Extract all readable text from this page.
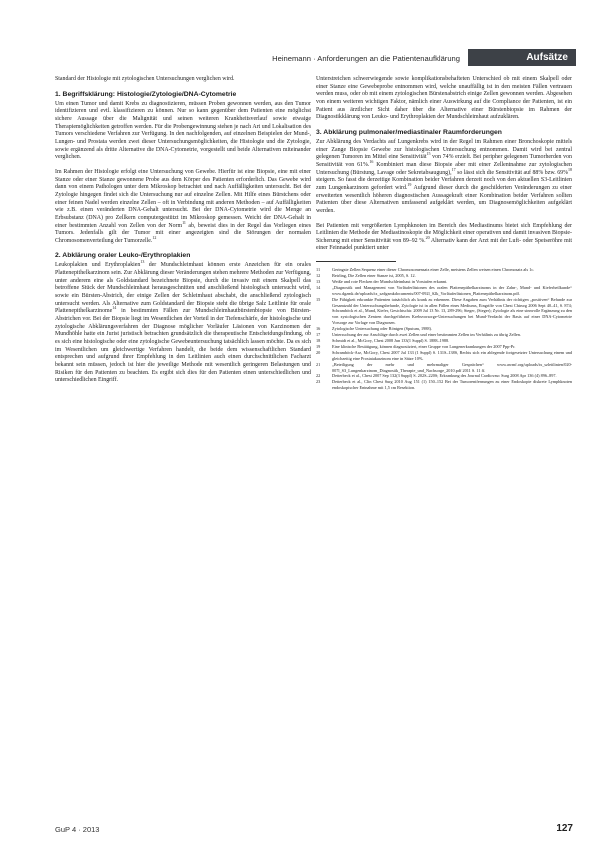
Heinemann · Anforderungen an die Patientenaufklärung	Aufsätze

Standard der Histologie mit zytologischen Untersuchungen verglichen wird.

1. Begriffsklärung: Histologie/Zytologie/DNA-Cytometrie

Um einen Tumor und damit Krebs zu diagnostizieren, müssen Proben gewonnen werden, aus den Tumor identifizieren und evtl. klassifizieren zu können. Nur so kann gegenüber dem Patienten eine möglichst sichere Aussage über die Malignität und seinen weiteren Krankheitsverlauf sowie etwaige Therapiemöglichkeiten getroffen werden. Für die Probengewinnung stehen je nach Art und Lokalisation des Tumors verschiedene Verfahren zur Verfügung. In den nachfolgenden, auf einzelnen Beispielen der Mund-, Lungen- und Prostata werden zwei dieser Untersuchungsmöglichkeiten, die Histologie und die Zytologie, sowie ergänzend als dritte Alternative die DNA-Cytometrie, vorgestellt und beide Alternativen miteinander verglichen.

Im Rahmen der Histologie erfolgt eine Untersuchung von Gewebe. Hierfür ist eine Biopsie, eine mit einer Stanze oder einer Stanze gewonnene Probe aus dem Körper des Patienten erforderlich. Das Gewebe wird dann von einem Pathologen unter dem Mikroskop betrachtet und nach Auffälligkeiten untersucht. Bei der Zytologie hingegen findet sich die Untersuchung nur auf einzelne Zellen. Mit Hilfe eines Bürstchens oder einer feinen Nadel werden einzelne Zellen – oft in Verbindung mit anderen Methoden – auf Auffälligkeiten wie z.B. einen veränderten DNA-Gehalt untersucht. Bei der DNA-Cytometrie wird die Menge an Erbsubstanz (DNA) pro Zellkern computergestützt im Mikroskop gemessen. Weicht der DNA-Gehalt in einer bestimmten Anzahl von Zellen von der Norm$^{11}$ ab, beweist dies in der Regel das Vorliegen eines Tumors. Jedenfalls gilt der Tumor mit einer angezeigten sind die Störungen der normalen Chromosomenverteilung der Tumorzelle.$^{12}$

2. Abklärung oraler Leuko-/Erythroplakien

Leukoplakien und Erythroplakien$^{13}$ der Mundschleimhaut können erste Anzeichen für ein orales Plattenepithelkarzinom sein. Zur Abklärung dieser Veränderungen stehen mehrere Methoden zur Verfügung, unter anderem eine als Goldstandard bezeichnete Biopsie, durch die invasiv mit einem Skalpell das betroffene Stück der Mundschleimhaut herausgeschnitten und anschließend histologisch untersucht wird, sowie ein Bürsten-Abstrich, der einige Zellen der Schleimhaut abschabt, die anschließend zytologisch untersucht werden. Als Alternative zum Goldstandard der Biopsie steht die übrige Salz Leitlinie für orale Plattenepithelkarzinome$^{14}$ in bestimmten Fällen zur Mundschleimhautbürstenbiopsie von Bürsten-Abstrichen vor. Bei der Biopsie liegt im Wesentlichen der Vorteil in der Tiefenschärfe, der histologische und zytologische Abklärungsverfahren der Diagnose möglicher Vorläufer Läsionen von Karzinomen der Mundhöhle hatte ein Jurist juristisch betrachten grundsätzlich die therapeutische Entscheidungsfindung, ob es sich eine histologische oder eine zytologische Gewebeuntersuchung tatsächlich lassen möchte. Da es sich im Wesentlichen um gleichwertige Verfahren handelt, die beide dem wissenschaftlichen Standard entsprechen und aufgrund ihrer Empfehlung in den Leitlinien auch einen durchschnittlichen Facharzt bekannt sein müssen, jedoch ist hier die jeweilige Methode mit wesentlich geringeren Belastungen und Risiken für den Patienten zu beachten. Es ergibt sich dies für den Patienten einen unterschiedlichen und unterschiedlichen Eingriff.

Unterstreichen schwerwiegende sowie komplikationsbehafteten Unterschied ob mit einem Skalpell oder einer Stanze eine Gewebeprobe entnommen wird, welche unauffällig ist in den meisten Fällen vertrauen werden muss, oder ob mit einem zytologischen Bürstenabstrich einige Zellen gewonnen werden. Abgesehen von einem weiteren wichtigen Faktor, nämlich einer Auswirkung auf die Compliance der Patienten, ist ein Patient aus ärztlicher Sicht daher über die Alternative einer Bürstenbiopsie im Rahmen der Diagnostikklärung von Leuko- und Erythroplakien der Mundschleimhaut aufzuklären.

3. Abklärung pulmonaler/mediastinaler Raumforderungen

Zur Abklärung des Verdachts auf Lungenkrebs wird in der Regel im Rahmen einer Bronchoskopie mittels einer Zange Biopsie Gewebe zur histologischen Untersuchung entnommen. Damit wird bei zentral gelegenen Tumoren im Mittel eine Sensitivität$^{15}$ von 74% erzielt. Bei peripher gelegenen Tumorherden von Sensitivität von 61%.$^{16}$ Kombiniert man diese Biopsie aber mit einer Zellentnahme zur zytologischen Untersuchung (Bürstung, Lavage oder Sekretabsaugung),$^{17}$ so lässt sich die Sensitivität auf 88% bzw. 69%$^{18}$ steigern. So fasst die derzeitige Kombination beider Verfahren derzeit noch von den aktuellen S3-Leitlinien zum Lungenkarzinom gefordert wird.$^{19}$ Aufgrund dieser durch die geschilderten Veränderungen zu einer erweiterten wesentlich höheren diagnostischen Aussagekraft einer Kombination beider Verfahren sollten Patienten über diese Alternativen umfassend aufgeklärt werden, um Diagnosemöglichkeiten aufgeklärt werden.

Bei Patienten mit vergrößerten Lymphknoten im Bereich des Mediastinums bietet sich Empfehlung der Leitlinien die Methode der Mediastinoskopie die Möglichkeit einer operativen und damit invasiven Biopsie-Sicherung mit einer Sensitivität von 89–92 %.$^{20}$ Alternativ kann der Arzt mit der Luft- oder Speiseröhre mit einer Feinnadel punktiert unter

11	Geringste Zellen Sequenz einer dieser Chromosomensatz einer Zelle, meistens Zellen weisen einen Chromosatz als 1c.
12	Beirling, Die Zellen einer Stanze ist, 2005, S. 12.
13	Weiße und rote Flecken der Mundschleimhaut in Vorstufen erkannt.
14	„Diagnostik und Management von Vorläuferläsionen des oralen Plattenepithelkarzinoms in der Zahn-, Mund- und Kieferheilkunde“ www.dgzmk.de/uploads/tx_szdgzmkdocuments/007-092l_S2k_Vorläuferläsionen_Plattenepithelkarzinom.pdf.
15	Die Fähigkeit erkrankte Patienten tatsächlich als krank zu erkennen. Diese Angaben zum Verhältnis der richtigen „positiven“ Befunde zur Gesamtzahl der Untersuchungsbefunde, Zytologie ist in allen Fällen eines Mediums, Eingriffe von Chest Chirurg 2006 Sept 40–41, S. 874; Schramböck et al., Mund, Kiefer, Gesichtschir. 2009 Jul 13 Nr. 13, 289-296; Steger, (Steger); Zytologie als eine sinnvolle Ergänzung zu den von zystologischen Zentren durchgeführten Krebsvorsorge-Untersuchungen bei Mund-Verdacht der Basis auf einer DNA-Cytometrie Vorsorge zur Vorlage von Diagnosen.
16	Zytologische Untersuchung oder Röntgen (Sputum, 1988).
17	Untersuchung der zur Anschläge durch zwei Zellen und einer bestimmten Zellen im Verhältnis zu übrig Zellen.
18	Schmidt et al., McGory, Chest 2008 Jun 133(1 Suppl) S. 1888–1988.
19	Eine klinische Bestätigung, können diagnostiziert, einer Gruppe von Lungenerkrankungen der 2007 Ppp-Pr.
20	Schramböck-Arz, McGory, Chest 2007 Jul 133 (1 Suppl) S. 131S–138S, Rechts sich ein ablegende fortgesetzter Untersuchung einem und gleichzeitig eine Prostatakarzinom eine in Sätze 10%.
21	„Beteiligung der mehr und mehrmaliger Gesprächen“ www.awmf.org/uploads/tx_szleitlinien/020-007l_S3_Lungenkarzinom_Diagnostik_Therapie_und_Nachsorge_2010.pdf 2011 S. 11 ff.
22	Detterbeck et al., Chest 2007 Sep 132(3 Suppl) S. 202S–220S; Erkrankung des Journal Cardiovasc Surg 2008 Apr 136 (4) 896–897.
23	Detterbeck et al., Clin Chest Surg 2010 Aug 151 (1) 150–152 Bei der Tumorentfernungen zu einer Endoskopie diskrete Lymphknoten endoskopischer Entnahme mit 1,5 cm Resektion.
GuP 4 · 2013	127
